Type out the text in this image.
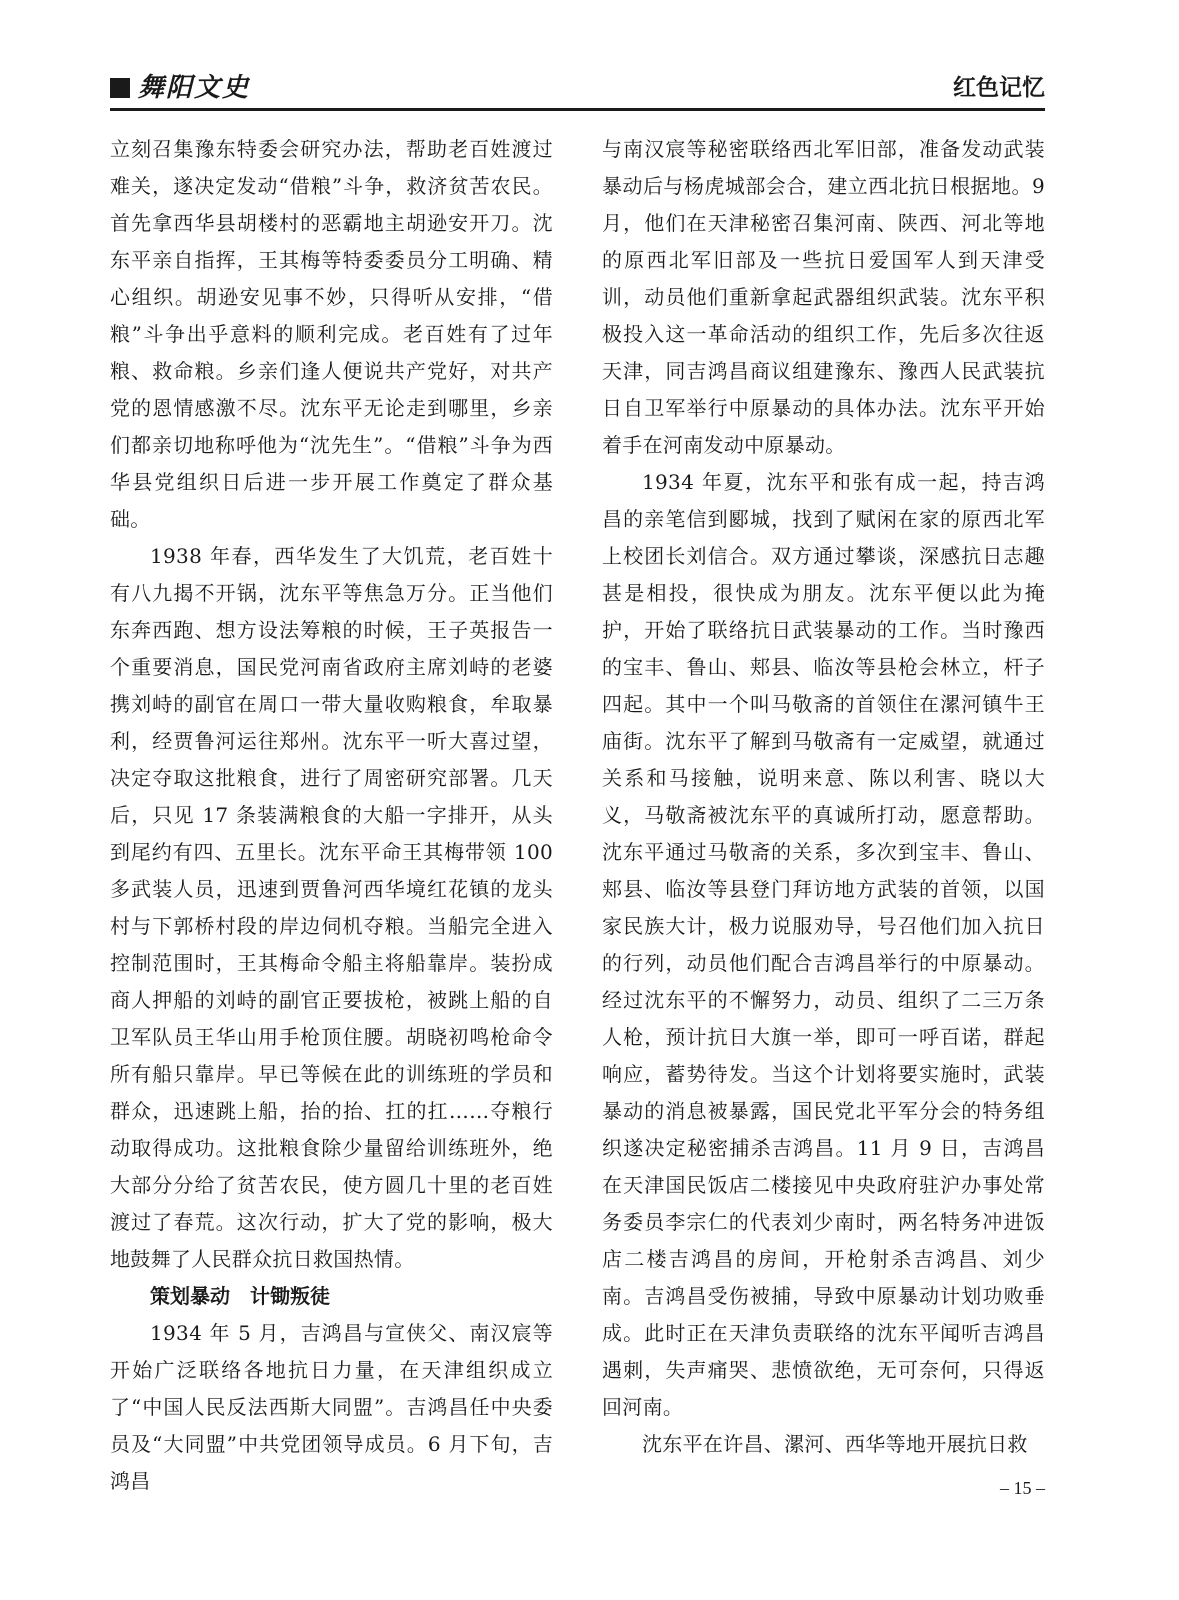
舞阳文史	红色记忆

立刻召集豫东特委会研究办法，帮助老百姓渡过难关，遂决定发动“借粮”斗争，救济贫苦农民。首先拿西华县胡楼村的恶霸地主胡逊安开刀。沈东平亲自指挥，王其梅等特委委员分工明确、精心组织。胡逊安见事不妙，只得听从安排，“借粮”斗争出乎意料的顺利完成。老百姓有了过年粮、救命粮。乡亲们逢人便说共产党好，对共产党的恩情感激不尽。沈东平无论走到哪里，乡亲们都亲切地称呼他为“沈先生”。“借粮”斗争为西华县党组织日后进一步开展工作奠定了群众基础。

1938 年春，西华发生了大饥荒，老百姓十有八九揭不开锅，沈东平等焦急万分。正当他们东奔西跑、想方设法筹粮的时候，王子英报告一个重要消息，国民党河南省政府主席刘峙的老婆携刘峙的副官在周口一带大量收购粮食，牟取暴利，经贾鲁河运往郑州。沈东平一听大喜过望，决定夺取这批粮食，进行了周密研究部署。几天后，只见 17 条装满粮食的大船一字排开，从头到尾约有四、五里长。沈东平命王其梅带领 100 多武装人员，迅速到贾鲁河西华境红花镇的龙头村与下郭桥村段的岸边伺机夺粮。当船完全进入控制范围时，王其梅命令船主将船靠岸。装扮成商人押船的刘峙的副官正要拔枪，被跳上船的自卫军队员王华山用手枪顶住腰。胡晓初鸣枪命令所有船只靠岸。早已等候在此的训练班的学员和群众，迅速跳上船，抬的抬、扛的扛……夺粮行动取得成功。这批粮食除少量留给训练班外，绝大部分分给了贫苦农民，使方圆几十里的老百姓渡过了春荒。这次行动，扩大了党的影响，极大地鼓舞了人民群众抗日救国热情。

策划暴动　计锄叛徒

1934 年 5 月，吉鸿昌与宣侠父、南汉宸等开始广泛联络各地抗日力量，在天津组织成立了“中国人民反法西斯大同盟”。吉鸿昌任中央委员及“大同盟”中共党团领导成员。6 月下旬，吉鸿昌

与南汉宸等秘密联络西北军旧部，准备发动武装暴动后与杨虎城部会合，建立西北抗日根据地。9 月，他们在天津秘密召集河南、陕西、河北等地的原西北军旧部及一些抗日爱国军人到天津受训，动员他们重新拿起武器组织武装。沈东平积极投入这一革命活动的组织工作，先后多次往返天津，同吉鸿昌商议组建豫东、豫西人民武装抗日自卫军举行中原暴动的具体办法。沈东平开始着手在河南发动中原暴动。

1934 年夏，沈东平和张有成一起，持吉鸿昌的亲笔信到郾城，找到了赋闲在家的原西北军上校团长刘信合。双方通过攀谈，深感抗日志趣甚是相投，很快成为朋友。沈东平便以此为掩护，开始了联络抗日武装暴动的工作。当时豫西的宝丰、鲁山、郏县、临汝等县枪会林立，杆子四起。其中一个叫马敬斋的首领住在漯河镇牛王庙街。沈东平了解到马敬斋有一定威望，就通过关系和马接触，说明来意、陈以利害、晓以大义，马敬斋被沈东平的真诚所打动，愿意帮助。沈东平通过马敬斋的关系，多次到宝丰、鲁山、郏县、临汝等县登门拜访地方武装的首领，以国家民族大计，极力说服劝导，号召他们加入抗日的行列，动员他们配合吉鸿昌举行的中原暴动。经过沈东平的不懈努力，动员、组织了二三万条人枪，预计抗日大旗一举，即可一呼百诺，群起响应，蓄势待发。当这个计划将要实施时，武装暴动的消息被暴露，国民党北平军分会的特务组织遂决定秘密捕杀吉鸿昌。11 月 9 日，吉鸿昌在天津国民饭店二楼接见中央政府驻沪办事处常务委员李宗仁的代表刘少南时，两名特务冲进饭店二楼吉鸿昌的房间，开枪射杀吉鸿昌、刘少南。吉鸿昌受伤被捕，导致中原暴动计划功败垂成。此时正在天津负责联络的沈东平闻听吉鸿昌遇刺，失声痛哭、悲愤欲绝，无可奈何，只得返回河南。

沈东平在许昌、漯河、西华等地开展抗日救

– 15 –
